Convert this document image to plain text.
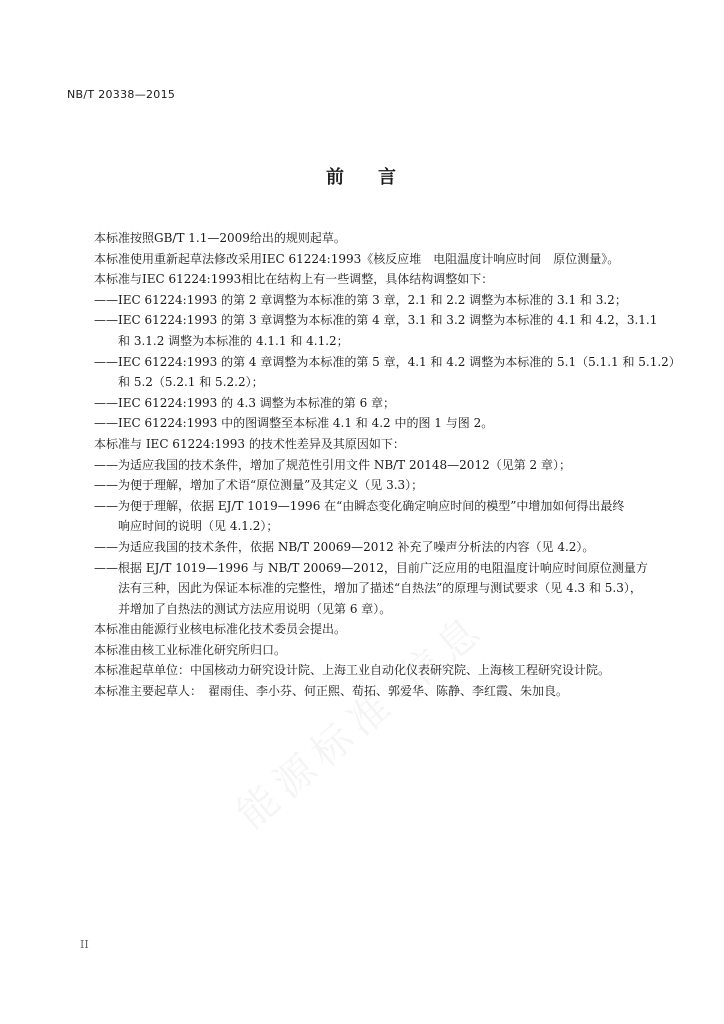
NB/T 20338—2015
前 言

本标准按照GB/T 1.1—2009给出的规则起草。

本标准使用重新起草法修改采用IEC 61224:1993《核反应堆　电阻温度计响应时间　原位测量》。

本标准与IEC 61224:1993相比在结构上有一些调整，具体结构调整如下：

——IEC 61224:1993 的第 2 章调整为本标准的第 3 章，2.1 和 2.2 调整为本标准的 3.1 和 3.2；

——IEC 61224:1993 的第 3 章调整为本标准的第 4 章，3.1 和 3.2 调整为本标准的 4.1 和 4.2，3.1.1

和 3.1.2 调整为本标准的 4.1.1 和 4.1.2；

——IEC 61224:1993 的第 4 章调整为本标准的第 5 章，4.1 和 4.2 调整为本标准的 5.1（5.1.1 和 5.1.2）

和 5.2（5.2.1 和 5.2.2）；

——IEC 61224:1993 的 4.3 调整为本标准的第 6 章；

——IEC 61224:1993 中的图调整至本标准 4.1 和 4.2 中的图 1 与图 2。

本标准与 IEC 61224:1993 的技术性差异及其原因如下：

——为适应我国的技术条件，增加了规范性引用文件 NB/T 20148—2012（见第 2 章）；

——为便于理解，增加了术语“原位测量”及其定义（见 3.3）；

——为便于理解，依据 EJ/T 1019—1996 在“由瞬态变化确定响应时间的模型”中增加如何得出最终

响应时间的说明（见 4.1.2）；

——为适应我国的技术条件，依据 NB/T 20069—2012 补充了噪声分析法的内容（见 4.2）。

——根据 EJ/T 1019—1996 与 NB/T 20069—2012，目前广泛应用的电阻温度计响应时间原位测量方

法有三种，因此为保证本标准的完整性，增加了描述“自热法”的原理与测试要求（见 4.3 和 5.3），

并增加了自热法的测试方法应用说明（见第 6 章）。

本标准由能源行业核电标准化技术委员会提出。

本标准由核工业标准化研究所归口。

本标准起草单位：中国核动力研究设计院、上海工业自动化仪表研究院、上海核工程研究设计院。

本标准主要起草人：　翟雨佳、李小芬、何正熙、荀拓、郭爱华、陈静、李红霞、朱加良。

II
